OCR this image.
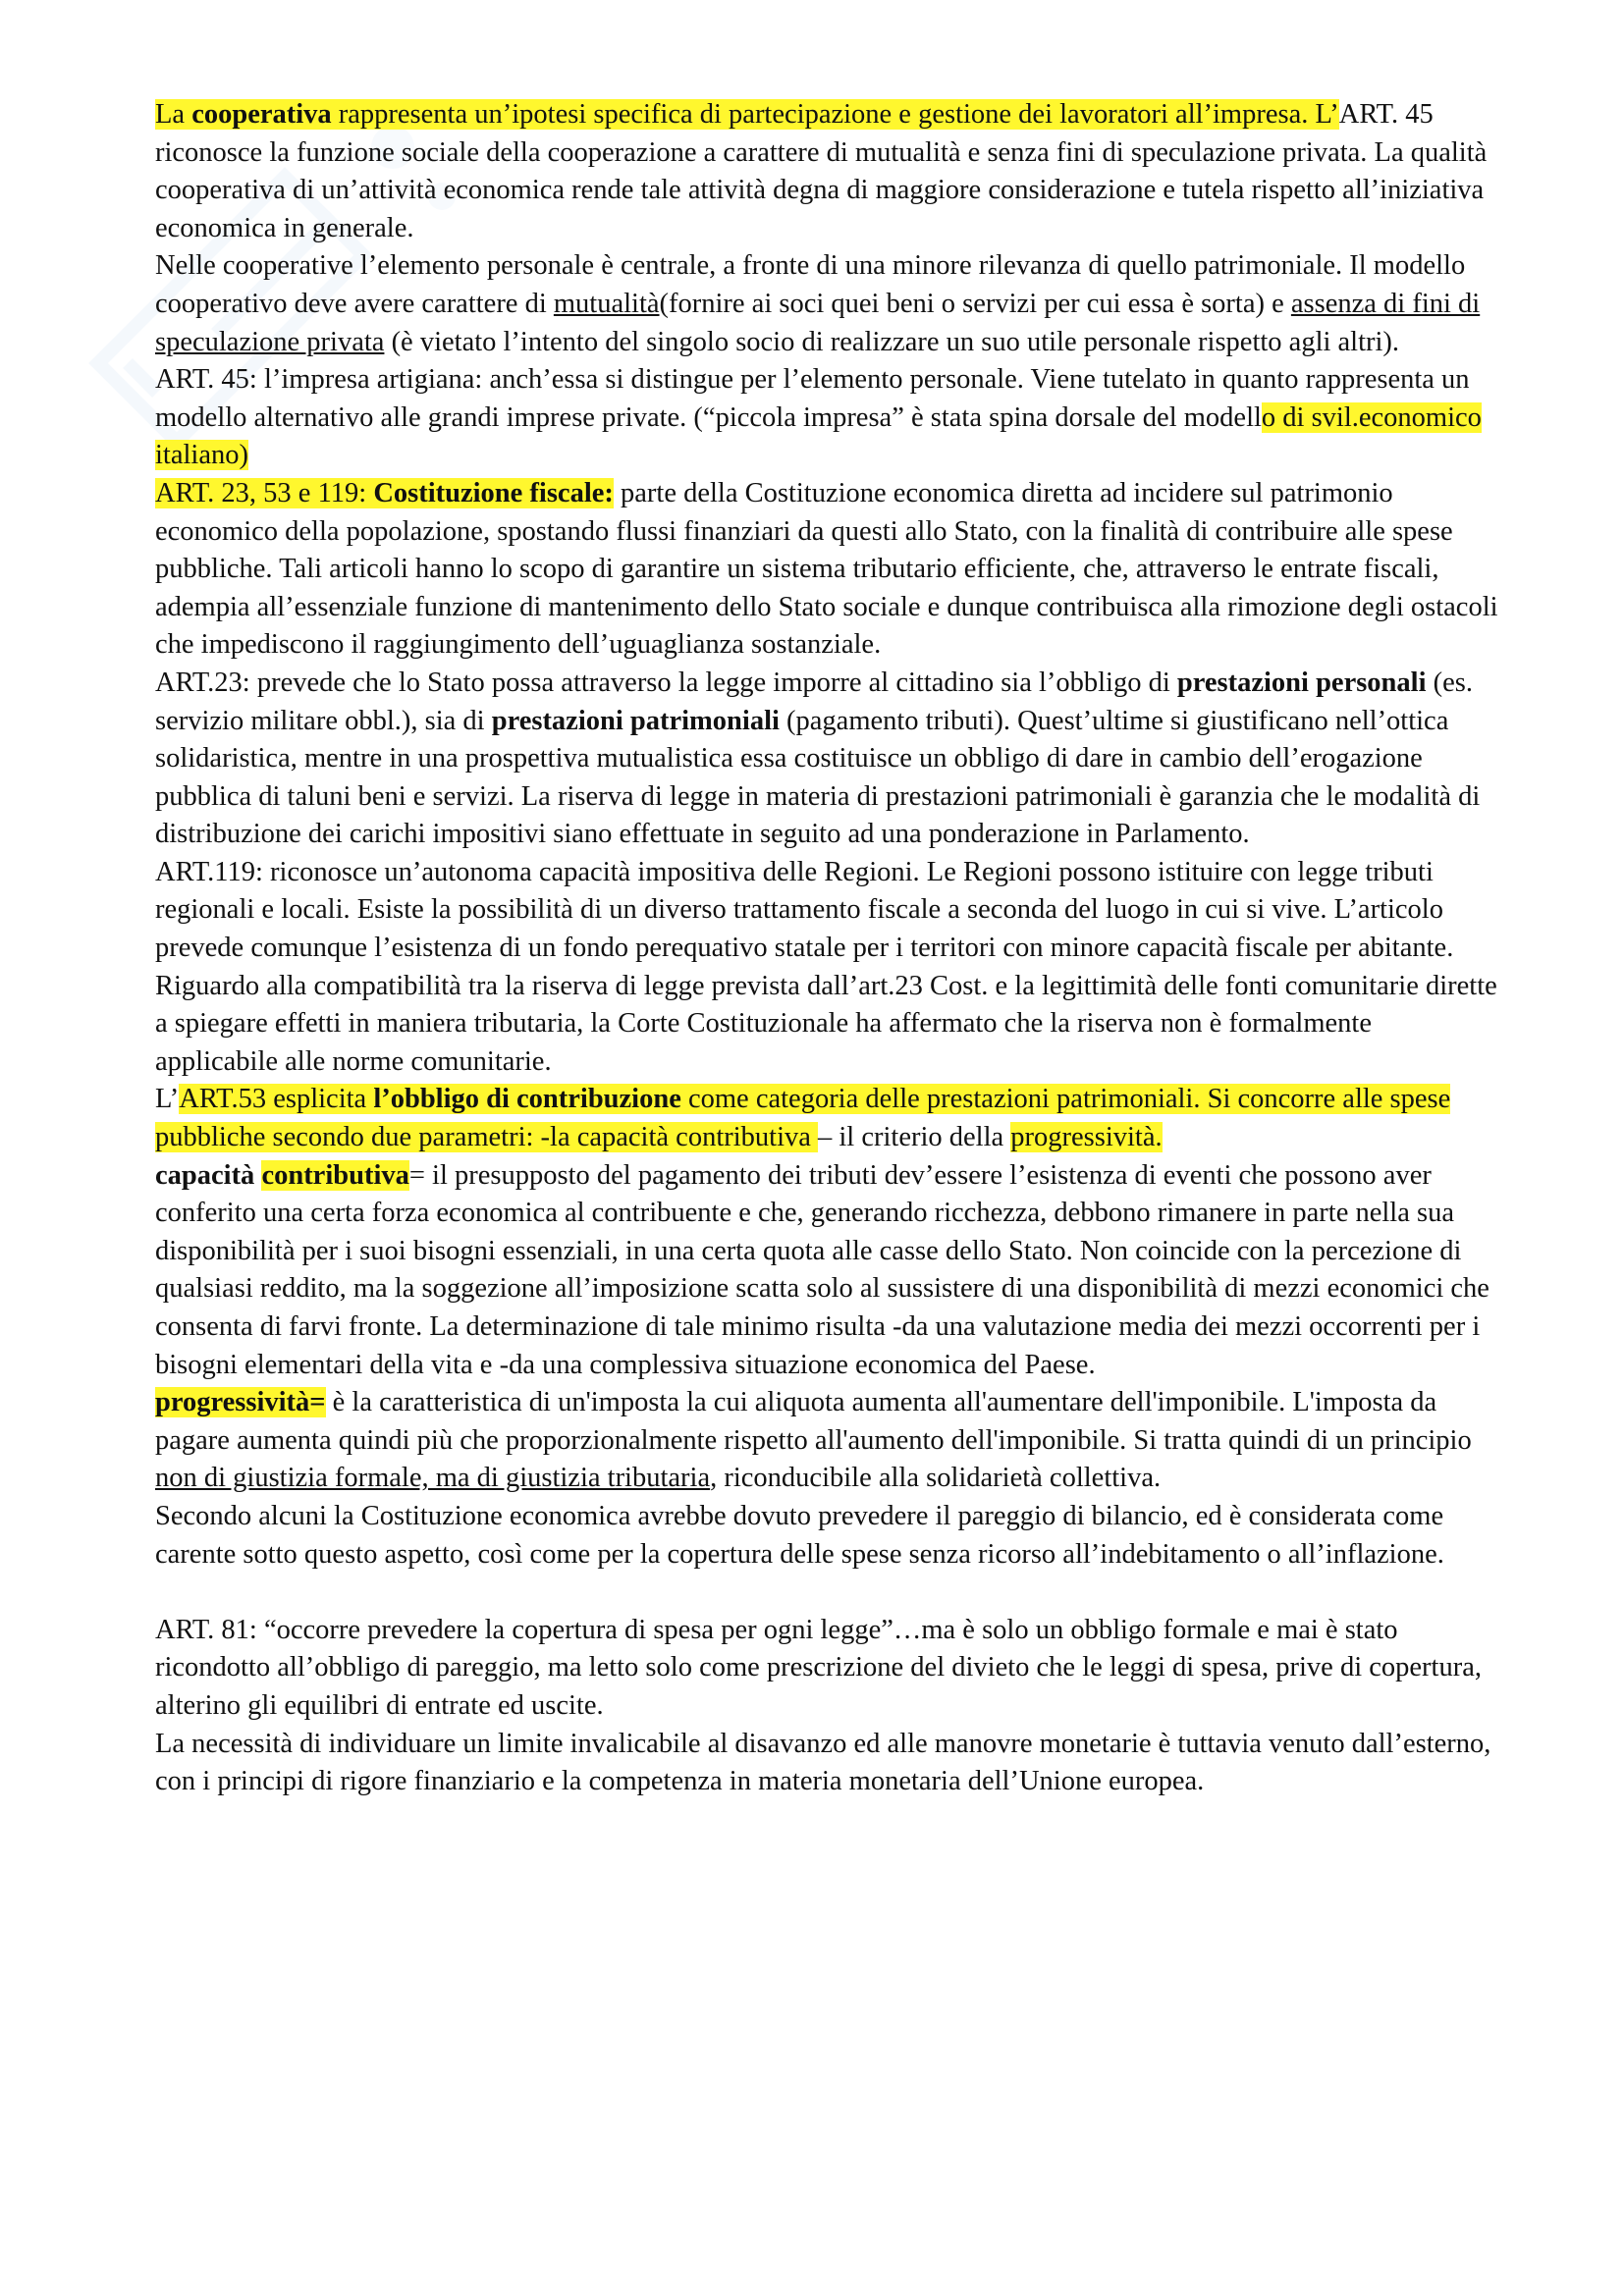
La cooperativa rappresenta un’ipotesi specifica di partecipazione e gestione dei lavoratori all’impresa. L’ART. 45 riconosce la funzione sociale della cooperazione a carattere di mutualità e senza fini di speculazione privata. La qualità cooperativa di un’attività economica rende tale attività degna di maggiore considerazione e tutela rispetto all’iniziativa economica in generale.

Nelle cooperative l’elemento personale è centrale, a fronte di una minore rilevanza di quello patrimoniale. Il modello cooperativo deve avere carattere di mutualità(fornire ai soci quei beni o servizi per cui essa è sorta) e assenza di fini di speculazione privata (è vietato l’intento del singolo socio di realizzare un suo utile personale rispetto agli altri).

ART. 45: l’impresa artigiana: anch’essa si distingue per l’elemento personale. Viene tutelato in quanto rappresenta un modello alternativo alle grandi imprese private. (“piccola impresa” è stata spina dorsale del modello di svil.economico italiano)

ART. 23, 53 e 119: Costituzione fiscale: parte della Costituzione economica diretta ad incidere sul patrimonio economico della popolazione, spostando flussi finanziari da questi allo Stato, con la finalità di contribuire alle spese pubbliche. Tali articoli hanno lo scopo di garantire un sistema tributario efficiente, che, attraverso le entrate fiscali, adempia all’essenziale funzione di mantenimento dello Stato sociale e dunque contribuisca alla rimozione degli ostacoli che impediscono il raggiungimento dell’uguaglianza sostanziale.

ART.23: prevede che lo Stato possa attraverso la legge imporre al cittadino sia l’obbligo di prestazioni personali (es. servizio militare obbl.), sia di prestazioni patrimoniali (pagamento tributi). Quest’ultime si giustificano nell’ottica solidaristica, mentre in una prospettiva mutualistica essa costituisce un obbligo di dare in cambio dell’erogazione pubblica di taluni beni e servizi. La riserva di legge in materia di prestazioni patrimoniali è garanzia che le modalità di distribuzione dei carichi impositivi siano effettuate in seguito ad una ponderazione in Parlamento.

ART.119: riconosce un’autonoma capacità impositiva delle Regioni. Le Regioni possono istituire con legge tributi regionali e locali. Esiste la possibilità di un diverso trattamento fiscale a seconda del luogo in cui si vive. L’articolo prevede comunque l’esistenza di un fondo perequativo statale per i territori con minore capacità fiscale per abitante.

Riguardo alla compatibilità tra la riserva di legge prevista dall’art.23 Cost. e la legittimità delle fonti comunitarie dirette a spiegare effetti in maniera tributaria, la Corte Costituzionale ha affermato che la riserva non è formalmente applicabile alle norme comunitarie.

L’ART.53 esplicita l’obbligo di contribuzione come categoria delle prestazioni patrimoniali. Si concorre alle spese pubbliche secondo due parametri: -la capacità contributiva – il criterio della progressività.

capacità contributiva= il presupposto del pagamento dei tributi dev’essere l’esistenza di eventi che possono aver conferito una certa forza economica al contribuente e che, generando ricchezza, debbono rimanere in parte nella sua disponibilità per i suoi bisogni essenziali, in una certa quota alle casse dello Stato. Non coincide con la percezione di qualsiasi reddito, ma la soggezione all’imposizione scatta solo al sussistere di una disponibilità di mezzi economici che consenta di farvi fronte. La determinazione di tale minimo risulta -da una valutazione media dei mezzi occorrenti per i bisogni elementari della vita e -da una complessiva situazione economica del Paese.

progressività= è la caratteristica di un'imposta la cui aliquota aumenta all'aumentare dell'imponibile. L'imposta da pagare aumenta quindi più che proporzionalmente rispetto all'aumento dell'imponibile. Si tratta quindi di un principio non di giustizia formale, ma di giustizia tributaria, riconducibile alla solidarietà collettiva.

Secondo alcuni la Costituzione economica avrebbe dovuto prevedere il pareggio di bilancio, ed è considerata come carente sotto questo aspetto, così come per la copertura delle spese senza ricorso all’indebitamento o all’inflazione.

ART. 81: “occorre prevedere la copertura di spesa per ogni legge”…ma è solo un obbligo formale e mai è stato ricondotto all’obbligo di pareggio, ma letto solo come prescrizione del divieto che le leggi di spesa, prive di copertura, alterino gli equilibri di entrate ed uscite.

La necessità di individuare un limite invalicabile al disavanzo ed alle manovre monetarie è tuttavia venuto dall’esterno, con i principi di rigore finanziario e la competenza in materia monetaria dell’Unione europea.
